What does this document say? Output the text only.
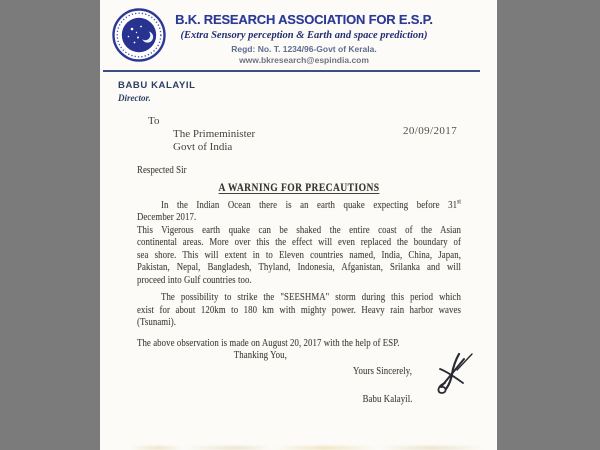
B.K. RESEARCH ASSOCIATION FOR E.S.P.
(Extra Sensory perception & Earth and space prediction)
Regd: No. T. 1234/96-Govt of Kerala.
www.bkresearch@espindia.com
BABU KALAYIL
Director.
To
The Primeminister
Govt of India
20/09/2017
Respected Sir
A WARNING FOR PRECAUTIONS
In the Indian Ocean there is an earth quake expecting before 31st
December 2017.
This Vigerous earth quake can be shaked the entire coast of the Asian
continental areas. More over this the effect will even replaced the boundary of
sea shore. This will extent in to Eleven countries named, India, China, Japan,
Pakistan, Nepal, Bangladesh, Thyland, Indonesia, Afganistan, Srilanka and will
proceed into Gulf countries too.
The possibility to strike the "SEESHMA" storm during this period which
exist for about 120km to 180 km with mighty power. Heavy rain harbor waves
(Tsunami).
The above observation is made on August 20, 2017 with the help of ESP.
Thanking You,
Yours Sincerely,
Babu Kalayil.
